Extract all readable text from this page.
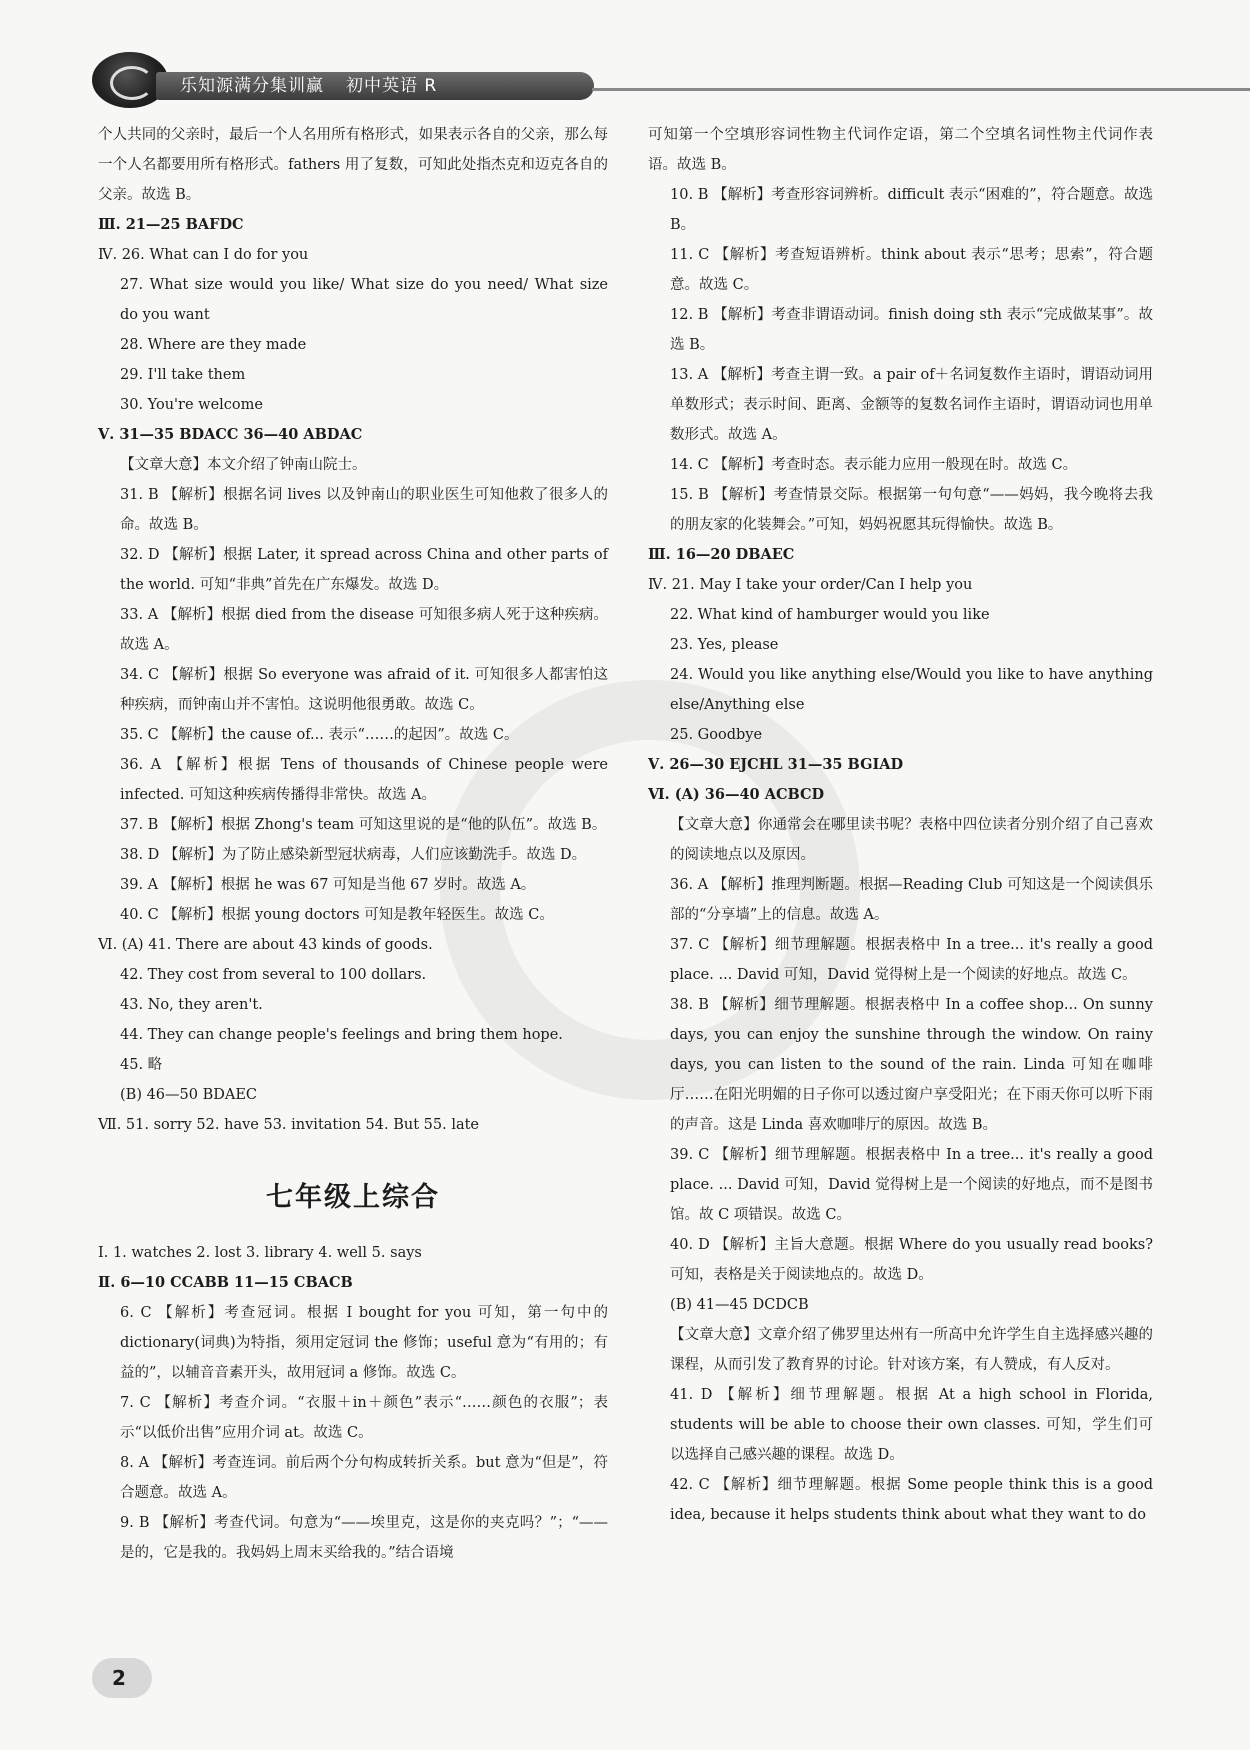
乐知源满分集训赢 初中英语 R

个人共同的父亲时，最后一个人名用所有格形式，如果表示各自的父亲，那么每一个人名都要用所有格形式。fathers 用了复数，可知此处指杰克和迈克各自的父亲。故选 B。

Ⅲ. 21—25 BAFDC

Ⅳ. 26. What can I do for you

27. What size would you like/ What size do you need/ What size do you want

28. Where are they made

29. I'll take them

30. You're welcome

Ⅴ. 31—35 BDACC 36—40 ABDAC

【文章大意】本文介绍了钟南山院士。

31. B 【解析】根据名词 lives 以及钟南山的职业医生可知他救了很多人的命。故选 B。

32. D 【解析】根据 Later, it spread across China and other parts of the world. 可知“非典”首先在广东爆发。故选 D。

33. A 【解析】根据 died from the disease 可知很多病人死于这种疾病。故选 A。

34. C 【解析】根据 So everyone was afraid of it. 可知很多人都害怕这种疾病，而钟南山并不害怕。这说明他很勇敢。故选 C。

35. C 【解析】the cause of... 表示“……的起因”。故选 C。

36. A 【解析】根据 Tens of thousands of Chinese people were infected. 可知这种疾病传播得非常快。故选 A。

37. B 【解析】根据 Zhong's team 可知这里说的是“他的队伍”。故选 B。

38. D 【解析】为了防止感染新型冠状病毒，人们应该勤洗手。故选 D。

39. A 【解析】根据 he was 67 可知是当他 67 岁时。故选 A。

40. C 【解析】根据 young doctors 可知是教年轻医生。故选 C。

Ⅵ. (A) 41. There are about 43 kinds of goods.

42. They cost from several to 100 dollars.

43. No, they aren't.

44. They can change people's feelings and bring them hope.

45. 略

(B) 46—50 BDAEC

Ⅶ. 51. sorry 52. have 53. invitation 54. But 55. late

七年级上综合

Ⅰ. 1. watches 2. lost 3. library 4. well 5. says

Ⅱ. 6—10 CCABB 11—15 CBACB

6. C 【解析】考查冠词。根据 I bought for you 可知，第一句中的 dictionary(词典)为特指，须用定冠词 the 修饰；useful 意为“有用的；有益的”，以辅音音素开头，故用冠词 a 修饰。故选 C。

7. C 【解析】考查介词。“衣服＋in＋颜色”表示“……颜色的衣服”；表示“以低价出售”应用介词 at。故选 C。

8. A 【解析】考查连词。前后两个分句构成转折关系。but 意为“但是”，符合题意。故选 A。

9. B 【解析】考查代词。句意为“——埃里克，这是你的夹克吗？”；“——是的，它是我的。我妈妈上周末买给我的。”结合语境

可知第一个空填形容词性物主代词作定语，第二个空填名词性物主代词作表语。故选 B。

10. B 【解析】考查形容词辨析。difficult 表示“困难的”，符合题意。故选 B。

11. C 【解析】考查短语辨析。think about 表示“思考；思索”，符合题意。故选 C。

12. B 【解析】考查非谓语动词。finish doing sth 表示“完成做某事”。故选 B。

13. A 【解析】考查主谓一致。a pair of＋名词复数作主语时，谓语动词用单数形式；表示时间、距离、金额等的复数名词作主语时，谓语动词也用单数形式。故选 A。

14. C 【解析】考查时态。表示能力应用一般现在时。故选 C。

15. B 【解析】考查情景交际。根据第一句句意“——妈妈，我今晚将去我的朋友家的化装舞会。”可知，妈妈祝愿其玩得愉快。故选 B。

Ⅲ. 16—20 DBAEC

Ⅳ. 21. May I take your order/Can I help you

22. What kind of hamburger would you like

23. Yes, please

24. Would you like anything else/Would you like to have anything else/Anything else

25. Goodbye

Ⅴ. 26—30 EJCHL 31—35 BGIAD

Ⅵ. (A) 36—40 ACBCD

【文章大意】你通常会在哪里读书呢？表格中四位读者分别介绍了自己喜欢的阅读地点以及原因。

36. A 【解析】推理判断题。根据—Reading Club 可知这是一个阅读俱乐部的“分享墙”上的信息。故选 A。

37. C 【解析】细节理解题。根据表格中 In a tree... it's really a good place. ... David 可知，David 觉得树上是一个阅读的好地点。故选 C。

38. B 【解析】细节理解题。根据表格中 In a coffee shop... On sunny days, you can enjoy the sunshine through the window. On rainy days, you can listen to the sound of the rain. Linda 可知在咖啡厅……在阳光明媚的日子你可以透过窗户享受阳光；在下雨天你可以听下雨的声音。这是 Linda 喜欢咖啡厅的原因。故选 B。

39. C 【解析】细节理解题。根据表格中 In a tree... it's really a good place. ... David 可知，David 觉得树上是一个阅读的好地点，而不是图书馆。故 C 项错误。故选 C。

40. D 【解析】主旨大意题。根据 Where do you usually read books? 可知，表格是关于阅读地点的。故选 D。

(B) 41—45 DCDCB

【文章大意】文章介绍了佛罗里达州有一所高中允许学生自主选择感兴趣的课程，从而引发了教育界的讨论。针对该方案，有人赞成，有人反对。

41. D 【解析】细节理解题。根据 At a high school in Florida, students will be able to choose their own classes. 可知，学生们可以选择自己感兴趣的课程。故选 D。

42. C 【解析】细节理解题。根据 Some people think this is a good idea, because it helps students think about what they want to do

2
